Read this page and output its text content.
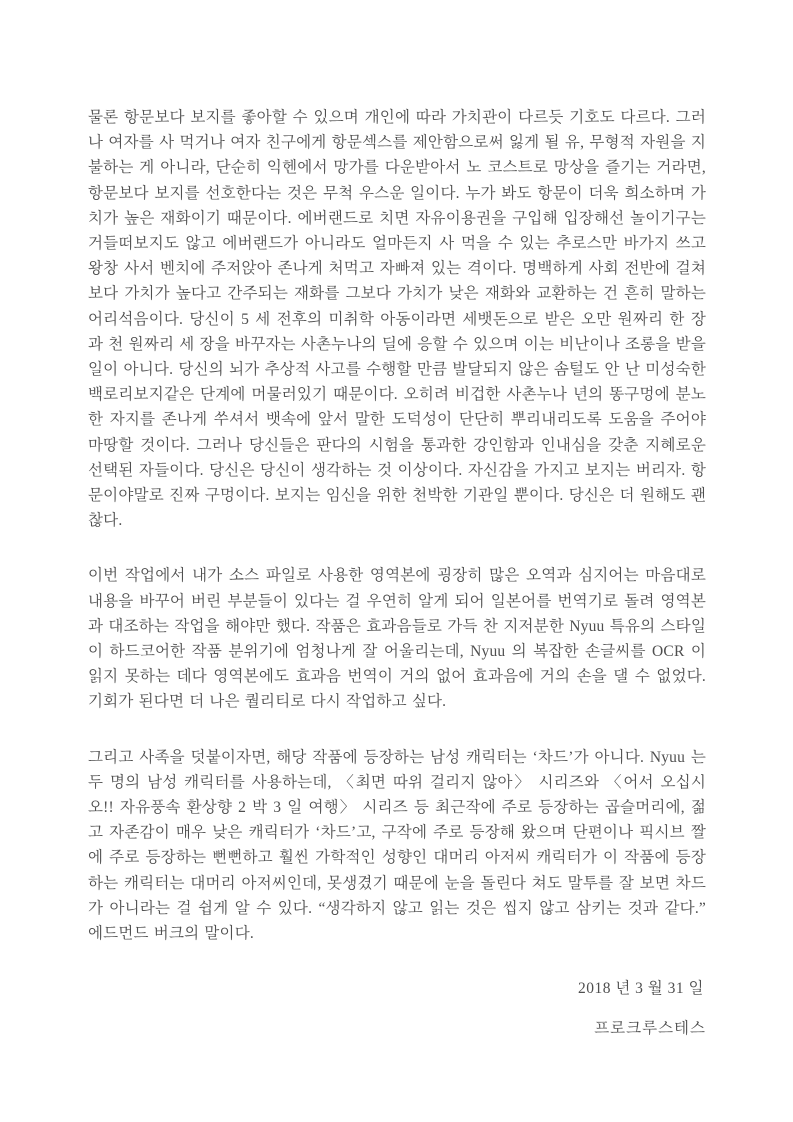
물론 항문보다 보지를 좋아할 수 있으며 개인에 따라 가치관이 다르듯 기호도 다르다. 그러나 여자를 사 먹거나 여자 친구에게 항문섹스를 제안함으로써 잃게 될 유, 무형적 자원을 지불하는 게 아니라, 단순히 익헨에서 망가를 다운받아서 노 코스트로 망상을 즐기는 거라면, 항문보다 보지를 선호한다는 것은 무척 우스운 일이다. 누가 봐도 항문이 더욱 희소하며 가치가 높은 재화이기 때문이다. 에버랜드로 치면 자유이용권을 구입해 입장해선 놀이기구는 거들떠보지도 않고 에버랜드가 아니라도 얼마든지 사 먹을 수 있는 추로스만 바가지 쓰고 왕창 사서 벤치에 주저앉아 존나게 처먹고 자빠져 있는 격이다. 명백하게 사회 전반에 걸쳐 보다 가치가 높다고 간주되는 재화를 그보다 가치가 낮은 재화와 교환하는 건 흔히 말하는 어리석음이다. 당신이 5 세 전후의 미취학 아동이라면 세뱃돈으로 받은 오만 원짜리 한 장과 천 원짜리 세 장을 바꾸자는 사촌누나의 딜에 응할 수 있으며 이는 비난이나 조롱을 받을 일이 아니다. 당신의 뇌가 추상적 사고를 수행할 만큼 발달되지 않은 솜털도 안 난 미성숙한 백로리보지같은 단계에 머물러있기 때문이다. 오히려 비겁한 사촌누나 년의 똥구멍에 분노한 자지를 존나게 쑤셔서 뱃속에 앞서 말한 도덕성이 단단히 뿌리내리도록 도움을 주어야 마땅할 것이다. 그러나 당신들은 판다의 시험을 통과한 강인함과 인내심을 갖춘 지혜로운 선택된 자들이다. 당신은 당신이 생각하는 것 이상이다. 자신감을 가지고 보지는 버리자. 항문이야말로 진짜 구멍이다. 보지는 임신을 위한 천박한 기관일 뿐이다. 당신은 더 원해도 괜찮다.

이번 작업에서 내가 소스 파일로 사용한 영역본에 굉장히 많은 오역과 심지어는 마음대로 내용을 바꾸어 버린 부분들이 있다는 걸 우연히 알게 되어 일본어를 번역기로 돌려 영역본과 대조하는 작업을 해야만 했다. 작품은 효과음들로 가득 찬 지저분한 Nyuu 특유의 스타일이 하드코어한 작품 분위기에 엄청나게 잘 어울리는데, Nyuu 의 복잡한 손글씨를 OCR 이 읽지 못하는 데다 영역본에도 효과음 번역이 거의 없어 효과음에 거의 손을 댈 수 없었다. 기회가 된다면 더 나은 퀄리티로 다시 작업하고 싶다.

그리고 사족을 덧붙이자면, 해당 작품에 등장하는 남성 캐릭터는 ‘차드’가 아니다. Nyuu 는 두 명의 남성 캐릭터를 사용하는데, 〈최면 따위 걸리지 않아〉 시리즈와 〈어서 오십시오!! 자유풍속 환상향 2 박 3 일 여행〉 시리즈 등 최근작에 주로 등장하는 곱슬머리에, 젊고 자존감이 매우 낮은 캐릭터가 ‘차드’고, 구작에 주로 등장해 왔으며 단편이나 픽시브 짤에 주로 등장하는 뻔뻔하고 훨씬 가학적인 성향인 대머리 아저씨 캐릭터가 이 작품에 등장하는 캐릭터는 대머리 아저씨인데, 못생겼기 때문에 눈을 돌린다 쳐도 말투를 잘 보면 차드가 아니라는 걸 쉽게 알 수 있다. “생각하지 않고 읽는 것은 씹지 않고 삼키는 것과 같다.” 에드먼드 버크의 말이다.

2018 년 3 월 31 일

프로크루스테스
